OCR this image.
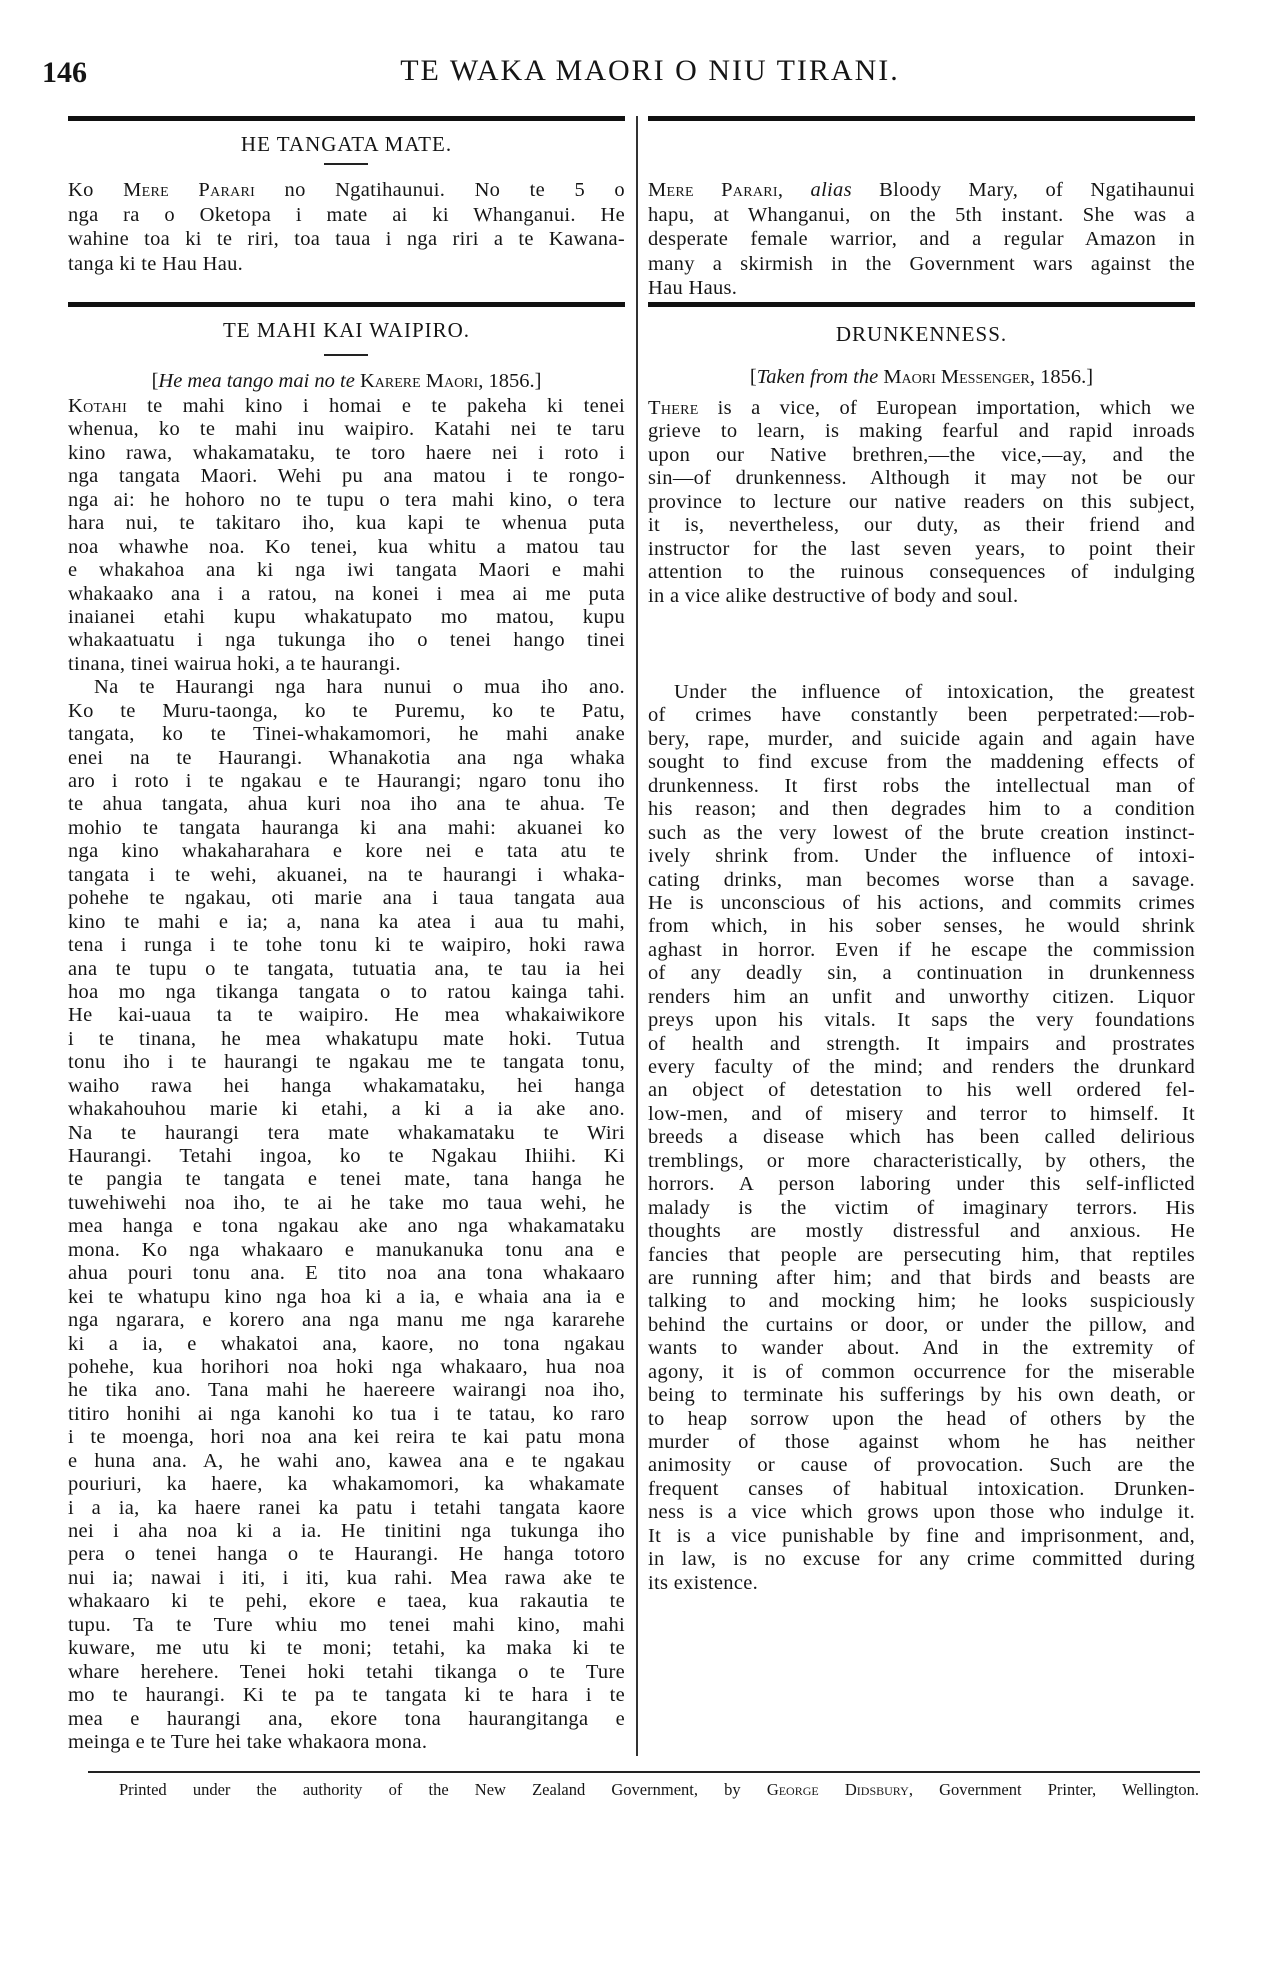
146	TE WAKA MAORI O NIU TIRANI.
HE TANGATA MATE.
Ko Mere Parari no Ngatihaunui. No te 5 o
nga ra o Oketopa i mate ai ki Whanganui. He
wahine toa ki te riri, toa taua i nga riri a te Kawana-
tanga ki te Hau Hau.
TE MAHI KAI WAIPIRO.
[He mea tango mai no te Karere Maori, 1856.]
Kotahi te mahi kino i homai e te pakeha ki tenei
whenua, ko te mahi inu waipiro. Katahi nei te taru
kino rawa, whakamataku, te toro haere nei i roto i
nga tangata Maori. Wehi pu ana matou i te rongo-
nga ai: he hohoro no te tupu o tera mahi kino, o tera
hara nui, te takitaro iho, kua kapi te whenua puta
noa whawhe noa. Ko tenei, kua whitu a matou tau
e whakahoa ana ki nga iwi tangata Maori e mahi
whakaako ana i a ratou, na konei i mea ai me puta
inaianei etahi kupu whakatupato mo matou, kupu
whakaatuatu i nga tukunga iho o tenei hango tinei
tinana, tinei wairua hoki, a te haurangi.
Na te Haurangi nga hara nunui o mua iho ano.
Ko te Muru-taonga, ko te Puremu, ko te Patu,
tangata, ko te Tinei-whakamomori, he mahi anake
enei na te Haurangi. Whanakotia ana nga whaka
aro i roto i te ngakau e te Haurangi; ngaro tonu iho
te ahua tangata, ahua kuri noa iho ana te ahua. Te
mohio te tangata hauranga ki ana mahi: akuanei ko
nga kino whakaharahara e kore nei e tata atu te
tangata i te wehi, akuanei, na te haurangi i whaka-
pohehe te ngakau, oti marie ana i taua tangata aua
kino te mahi e ia; a, nana ka atea i aua tu mahi,
tena i runga i te tohe tonu ki te waipiro, hoki rawa
ana te tupu o te tangata, tutuatia ana, te tau ia hei
hoa mo nga tikanga tangata o to ratou kainga tahi.
He kai-uaua ta te waipiro. He mea whakaiwikore
i te tinana, he mea whakatupu mate hoki. Tutua
tonu iho i te haurangi te ngakau me te tangata tonu,
waiho rawa hei hanga whakamataku, hei hanga
whakahouhou marie ki etahi, a ki a ia ake ano.
Na te haurangi tera mate whakamataku te Wiri
Haurangi. Tetahi ingoa, ko te Ngakau Ihiihi. Ki
te pangia te tangata e tenei mate, tana hanga he
tuwehiwehi noa iho, te ai he take mo taua wehi, he
mea hanga e tona ngakau ake ano nga whakamataku
mona. Ko nga whakaaro e manukanuka tonu ana e
ahua pouri tonu ana. E tito noa ana tona whakaaro
kei te whatupu kino nga hoa ki a ia, e whaia ana ia e
nga ngarara, e korero ana nga manu me nga kararehe
ki a ia, e whakatoi ana, kaore, no tona ngakau
pohehe, kua horihori noa hoki nga whakaaro, hua noa
he tika ano. Tana mahi he haereere wairangi noa iho,
titiro honihi ai nga kanohi ko tua i te tatau, ko raro
i te moenga, hori noa ana kei reira te kai patu mona
e huna ana. A, he wahi ano, kawea ana e te ngakau
pouriuri, ka haere, ka whakamomori, ka whakamate
i a ia, ka haere ranei ka patu i tetahi tangata kaore
nei i aha noa ki a ia. He tinitini nga tukunga iho
pera o tenei hanga o te Haurangi. He hanga totoro
nui ia; nawai i iti, i iti, kua rahi. Mea rawa ake te
whakaaro ki te pehi, ekore e taea, kua rakautia te
tupu. Ta te Ture whiu mo tenei mahi kino, mahi
kuware, me utu ki te moni; tetahi, ka maka ki te
whare herehere. Tenei hoki tetahi tikanga o te Ture
mo te haurangi. Ki te pa te tangata ki te hara i te
mea e haurangi ana, ekore tona haurangitanga e
meinga e te Ture hei take whakaora mona.
Mere Parari, alias Bloody Mary, of Ngatihaunui
hapu, at Whanganui, on the 5th instant. She was a
desperate female warrior, and a regular Amazon in
many a skirmish in the Government wars against the
Hau Haus.
DRUNKENNESS.
[Taken from the Maori Messenger, 1856.]
There is a vice, of European importation, which we
grieve to learn, is making fearful and rapid inroads
upon our Native brethren,—the vice,—ay, and the
sin—of drunkenness. Although it may not be our
province to lecture our native readers on this subject,
it is, nevertheless, our duty, as their friend and
instructor for the last seven years, to point their
attention to the ruinous consequences of indulging
in a vice alike destructive of body and soul.
Under the influence of intoxication, the greatest
of crimes have constantly been perpetrated:—rob-
bery, rape, murder, and suicide again and again have
sought to find excuse from the maddening effects of
drunkenness. It first robs the intellectual man of
his reason; and then degrades him to a condition
such as the very lowest of the brute creation instinct-
ively shrink from. Under the influence of intoxi-
cating drinks, man becomes worse than a savage.
He is unconscious of his actions, and commits crimes
from which, in his sober senses, he would shrink
aghast in horror. Even if he escape the commission
of any deadly sin, a continuation in drunkenness
renders him an unfit and unworthy citizen. Liquor
preys upon his vitals. It saps the very foundations
of health and strength. It impairs and prostrates
every faculty of the mind; and renders the drunkard
an object of detestation to his well ordered fel-
low-men, and of misery and terror to himself. It
breeds a disease which has been called delirious
tremblings, or more characteristically, by others, the
horrors. A person laboring under this self-inflicted
malady is the victim of imaginary terrors. His
thoughts are mostly distressful and anxious. He
fancies that people are persecuting him, that reptiles
are running after him; and that birds and beasts are
talking to and mocking him; he looks suspiciously
behind the curtains or door, or under the pillow, and
wants to wander about. And in the extremity of
agony, it is of common occurrence for the miserable
being to terminate his sufferings by his own death, or
to heap sorrow upon the head of others by the
murder of those against whom he has neither
animosity or cause of provocation. Such are the
frequent canses of habitual intoxication. Drunken-
ness is a vice which grows upon those who indulge it.
It is a vice punishable by fine and imprisonment, and,
in law, is no excuse for any crime committed during
its existence.
Printed under the authority of the New Zealand Government, by George Didsbury, Government Printer, Wellington.
